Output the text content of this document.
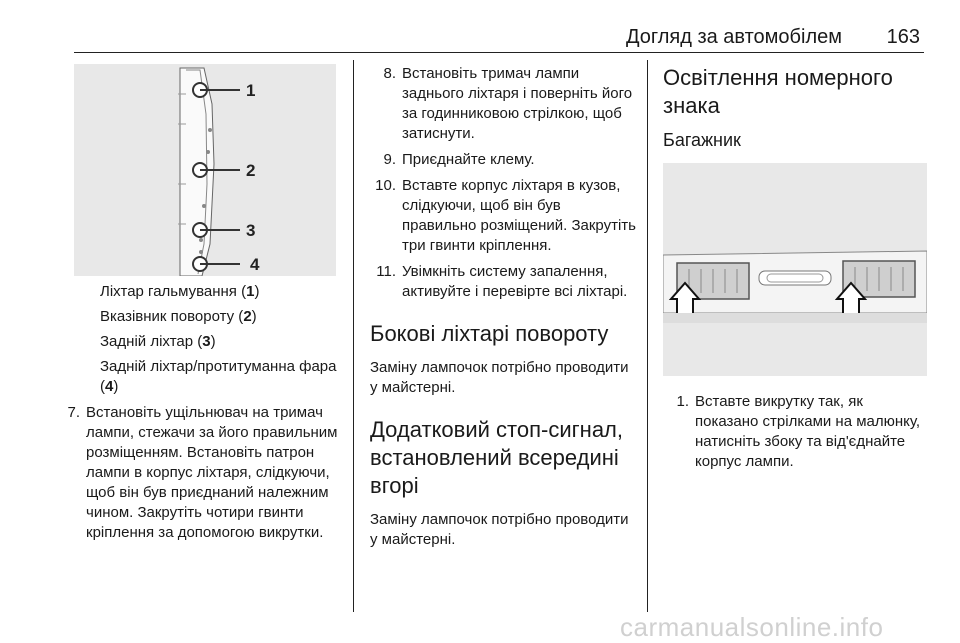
Догляд за автомобілем 163
1
2
3
4

Ліхтар гальмування (1)

Вказівник повороту (2)

Задній ліхтар (3)

Задній ліхтар/протитуманна фара (4)

7. Встановіть ущільнювач на тримач лампи, стежачи за його правильним розміщенням. Встановіть патрон лампи в корпус ліхтаря, слідкуючи, щоб він був приєднаний належним чином. Закрутіть чотири гвинти кріплення за допомогою викрутки.
8. Встановіть тримач лампи заднього ліхтаря і поверніть його за годинниковою стрілкою, щоб затиснути.
9. Приєднайте клему.
10. Вставте корпус ліхтаря в кузов, слідкуючи, щоб він був правильно розміщений. Закрутіть три гвинти кріплення.
11. Увімкніть систему запалення, активуйте і перевірте всі ліхтарі.
Бокові ліхтарі повороту

Заміну лампочок потрібно проводити у майстерні.

Додатковий стоп-сигнал, встановлений всередині вгорі

Заміну лампочок потрібно проводити у майстерні.

Освітлення номерного знака
Багажник
1. Вставте викрутку так, як показано стрілками на малюнку, натисніть збоку та від'єднайте корпус лампи.
carmanualsonline.info
